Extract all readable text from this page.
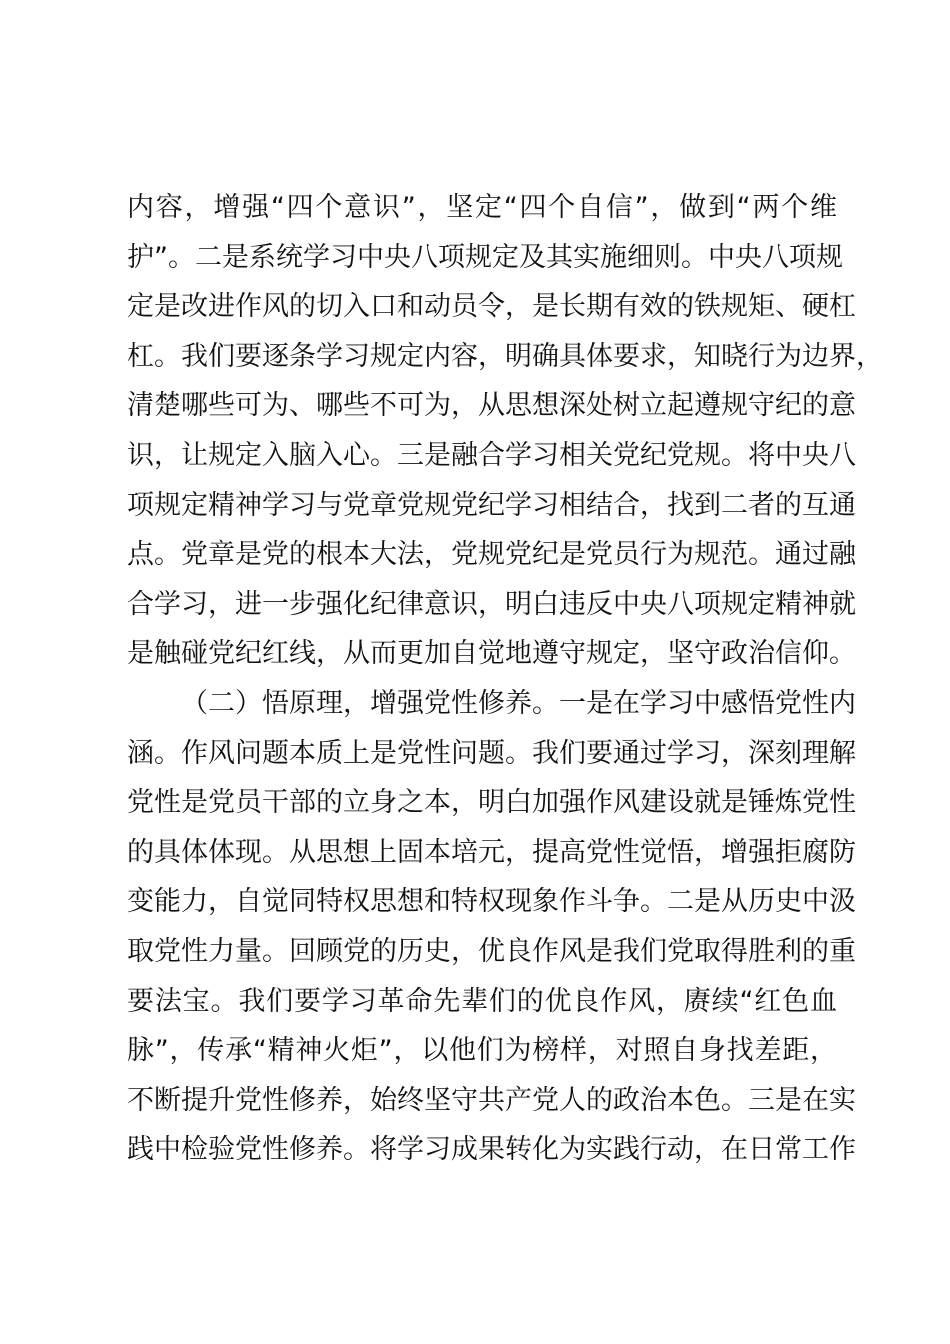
内容，增强“四个意识”，坚定“四个自信”，做到“两个维
护”。二是系统学习中央八项规定及其实施细则。中央八项规
定是改进作风的切入口和动员令，是长期有效的铁规矩、硬杠
杠。我们要逐条学习规定内容，明确具体要求，知晓行为边界，
清楚哪些可为、哪些不可为，从思想深处树立起遵规守纪的意
识，让规定入脑入心。三是融合学习相关党纪党规。将中央八
项规定精神学习与党章党规党纪学习相结合，找到二者的互通
点。党章是党的根本大法，党规党纪是党员行为规范。通过融
合学习，进一步强化纪律意识，明白违反中央八项规定精神就
是触碰党纪红线，从而更加自觉地遵守规定，坚守政治信仰。
（二）悟原理，增强党性修养。一是在学习中感悟党性内
涵。作风问题本质上是党性问题。我们要通过学习，深刻理解
党性是党员干部的立身之本，明白加强作风建设就是锤炼党性
的具体体现。从思想上固本培元，提高党性觉悟，增强拒腐防
变能力，自觉同特权思想和特权现象作斗争。二是从历史中汲
取党性力量。回顾党的历史，优良作风是我们党取得胜利的重
要法宝。我们要学习革命先辈们的优良作风，赓续“红色血
脉”，传承“精神火炬”，以他们为榜样，对照自身找差距，
不断提升党性修养，始终坚守共产党人的政治本色。三是在实
践中检验党性修养。将学习成果转化为实践行动，在日常工作
